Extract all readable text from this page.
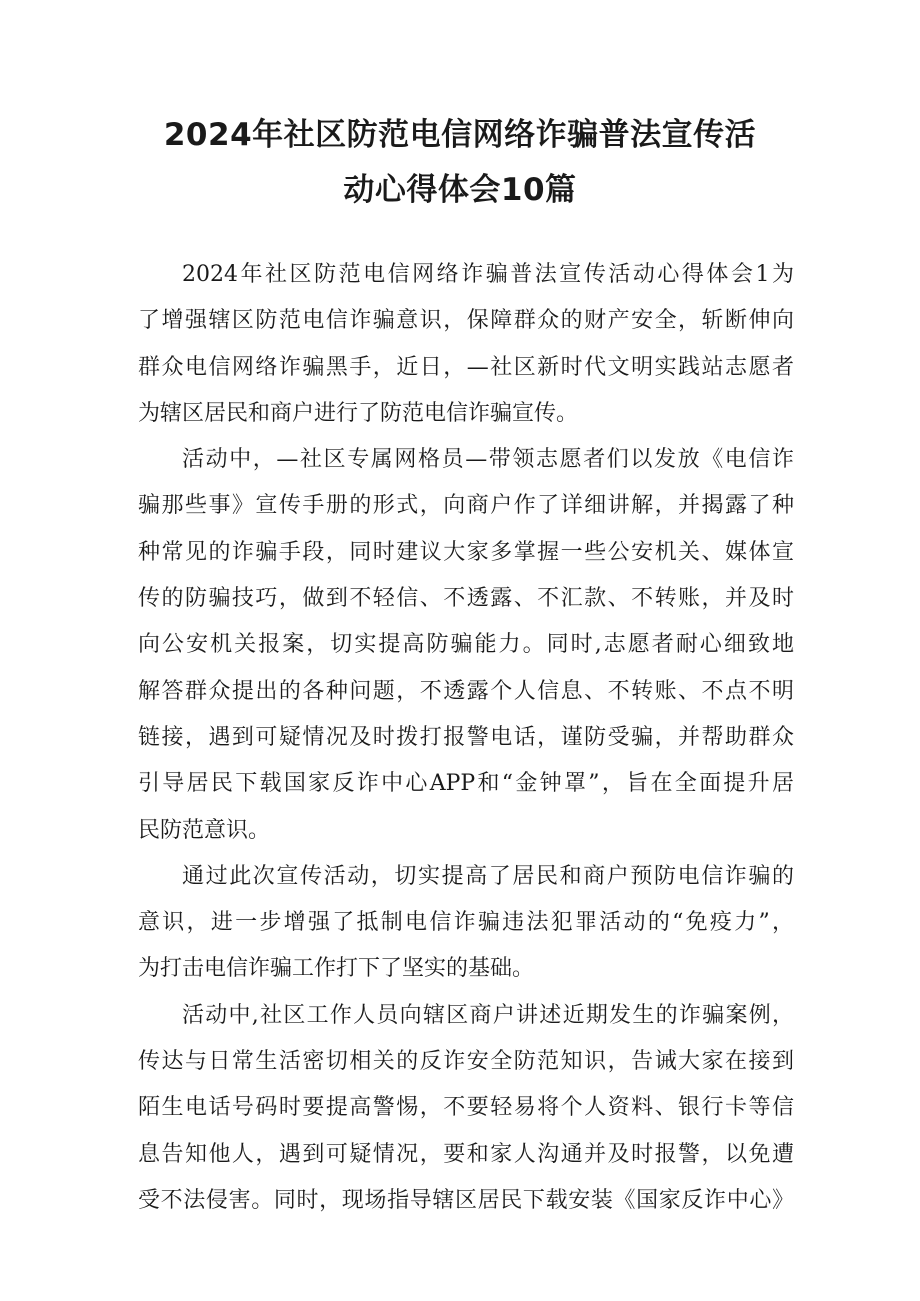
2024年社区防范电信网络诈骗普法宣传活
动心得体会10篇
2024年社区防范电信网络诈骗普法宣传活动心得体会1为
了增强辖区防范电信诈骗意识，保障群众的财产安全，斩断伸向
群众电信网络诈骗黑手，近日，—社区新时代文明实践站志愿者
为辖区居民和商户进行了防范电信诈骗宣传。
活动中，—社区专属网格员—带领志愿者们以发放《电信诈
骗那些事》宣传手册的形式，向商户作了详细讲解，并揭露了种
种常见的诈骗手段，同时建议大家多掌握一些公安机关、媒体宣
传的防骗技巧，做到不轻信、不透露、不汇款、不转账，并及时
向公安机关报案，切实提高防骗能力。同时,志愿者耐心细致地
解答群众提出的各种问题，不透露个人信息、不转账、不点不明
链接，遇到可疑情况及时拨打报警电话，谨防受骗，并帮助群众
引导居民下载国家反诈中心APP和“金钟罩”，旨在全面提升居
民防范意识。
通过此次宣传活动，切实提高了居民和商户预防电信诈骗的
意识，进一步增强了抵制电信诈骗违法犯罪活动的“免疫力”，
为打击电信诈骗工作打下了坚实的基础。
活动中,社区工作人员向辖区商户讲述近期发生的诈骗案例，
传达与日常生活密切相关的反诈安全防范知识，告诫大家在接到
陌生电话号码时要提高警惕，不要轻易将个人资料、银行卡等信
息告知他人，遇到可疑情况，要和家人沟通并及时报警，以免遭
受不法侵害。同时，现场指导辖区居民下载安装《国家反诈中心》
